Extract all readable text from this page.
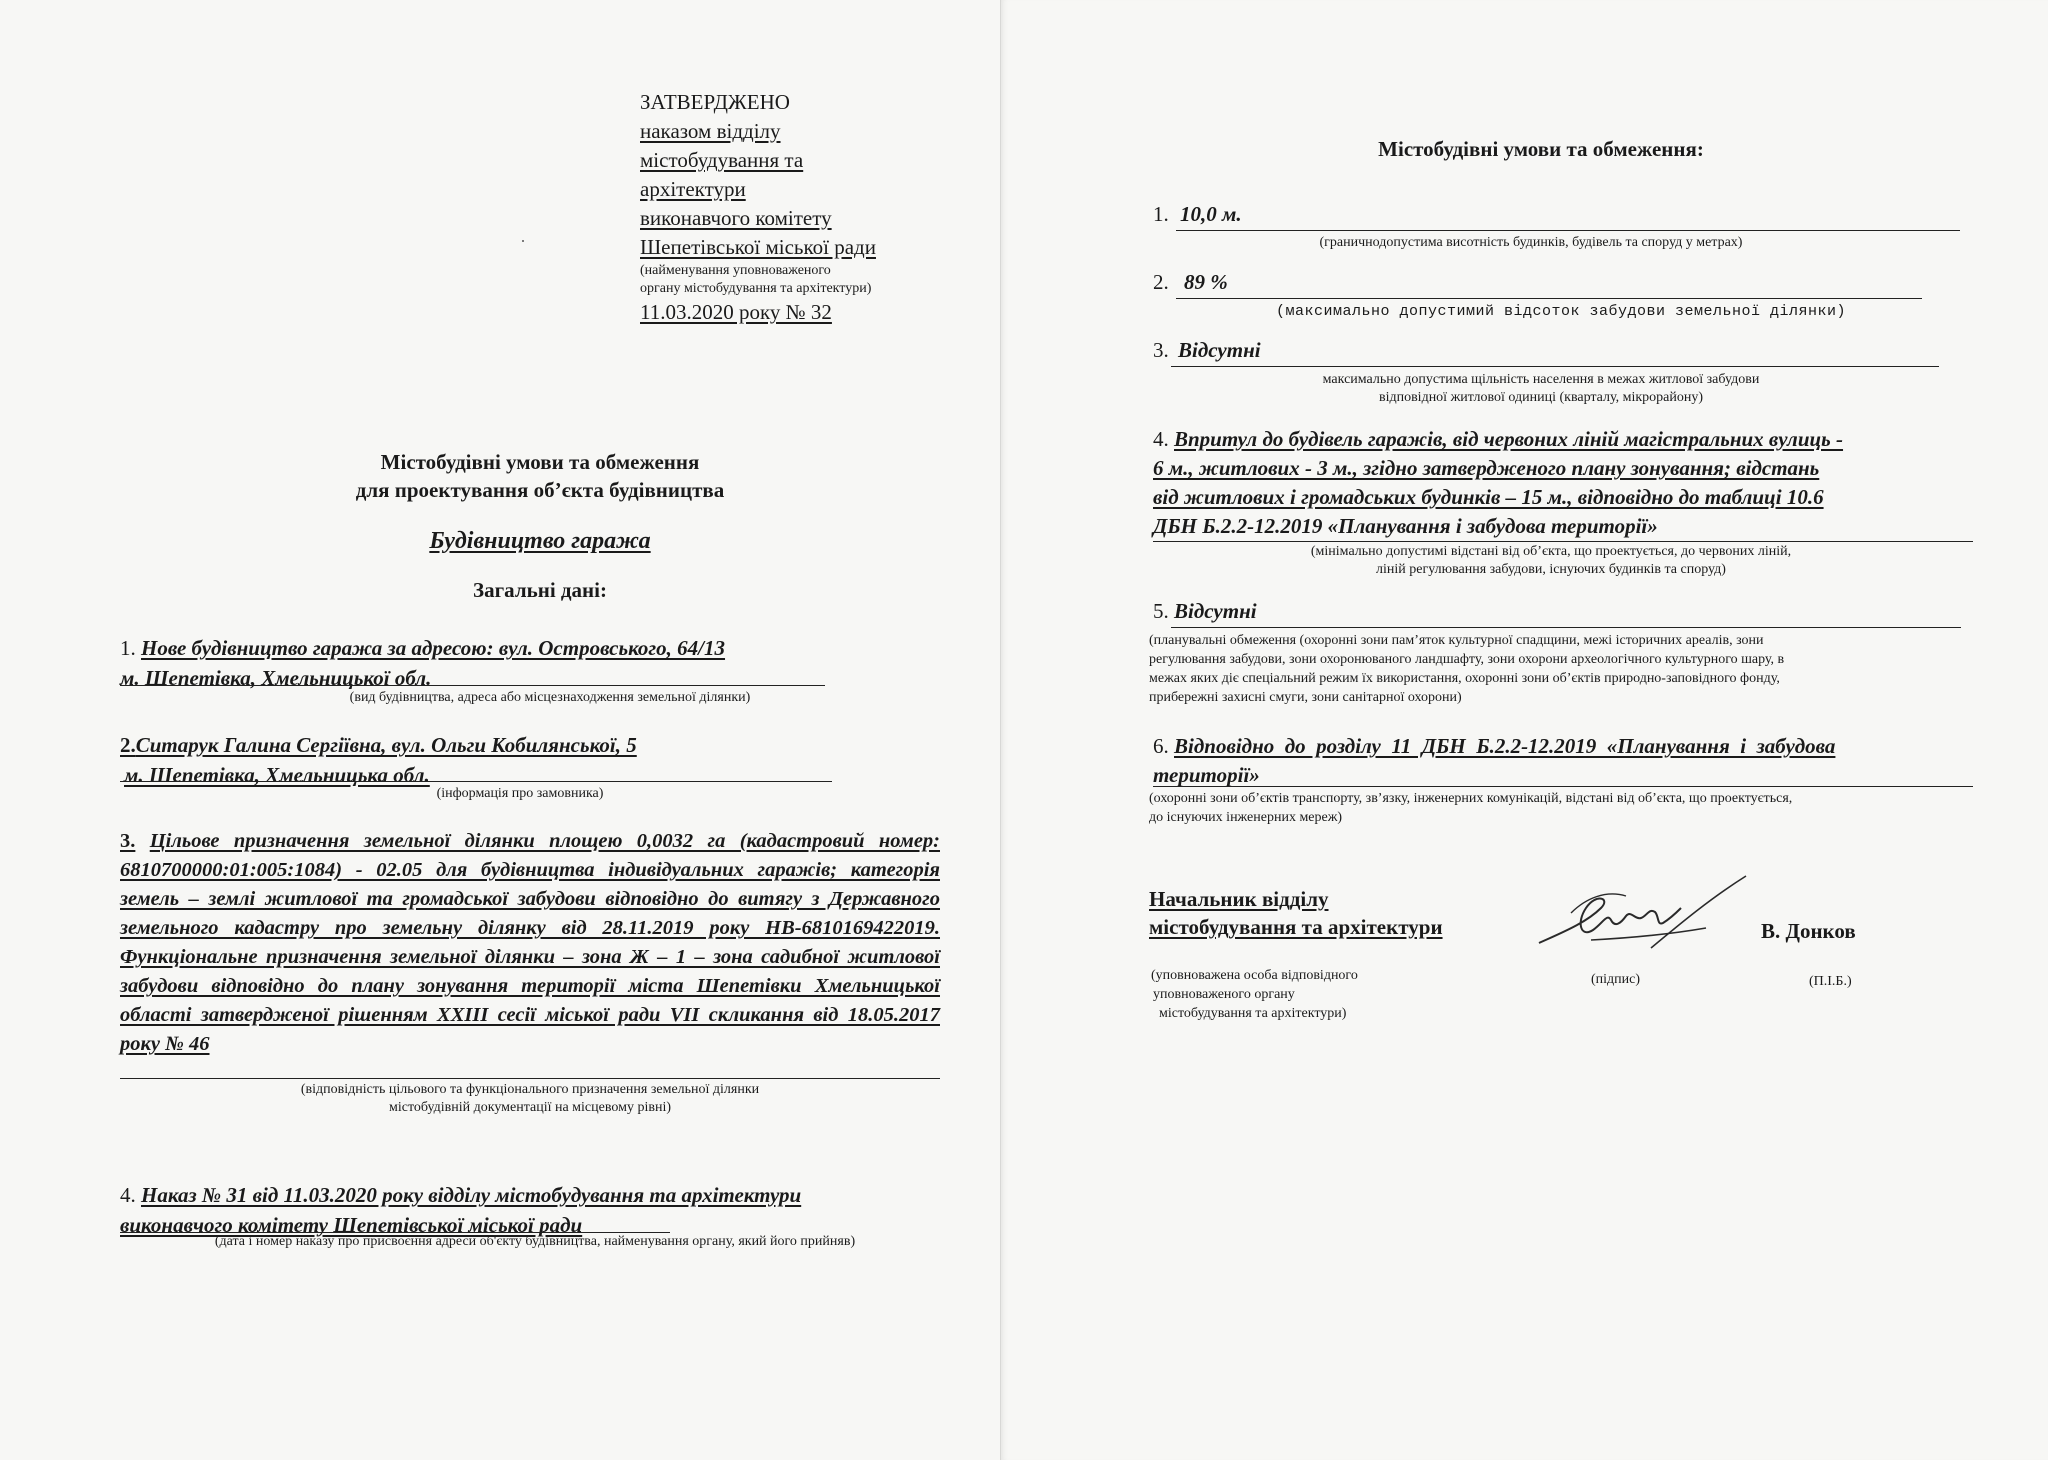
ЗАТВЕРДЖЕНО
наказом відділу
містобудування та
архітектури
виконавчого комітету
Шепетівської міської ради
(найменування уповноваженого
органу містобудування та архітектури)
11.03.2020 року № 32
Містобудівні умови та обмеження
для проектування об’єкта будівництва
Будівництво гаража
Загальні дані:
1. Нове будівництво гаража за адресою: вул. Островського, 64/13
м. Шепетівка, Хмельницької обл.
(вид будівництва, адреса або місцезнаходження земельної ділянки)
2.Ситарук Галина Сергіївна, вул. Ольги Кобилянської, 5
м. Шепетівка, Хмельницька обл.
(інформація про замовника)
3. Цільове призначення земельної ділянки площею 0,0032 га (кадастровий номер: 6810700000:01:005:1084) - 02.05 для будівництва індивідуальних гаражів; категорія земель – землі житлової та громадської забудови відповідно до витягу з Державного земельного кадастру про земельну ділянку від 28.11.2019 року НВ-6810169422019. Функціональне призначення земельної ділянки – зона Ж – 1 – зона садибної житлової забудови відповідно до плану зонування території міста Шепетівки Хмельницької області затвердженої рішенням XXIII сесії міської ради VII скликання від 18.05.2017 року № 46
(відповідність цільового та функціонального призначення земельної ділянки
містобудівній документації на місцевому рівні)
4. Наказ № 31 від 11.03.2020 року відділу містобудування та архітектури
виконавчого комітету Шепетівської міської ради
(дата і номер наказу про присвоєння адреси об'єкту будівництва, найменування органу, який його прийняв)
Містобудівні умови та обмеження:
1. 10,0 м.
(граничнодопустима висотність будинків, будівель та споруд у метрах)
2. 89 %
(максимально допустимий відсоток забудови земельної ділянки)
3. Відсутні
максимально допустима щільність населення в межах житлової забудови
відповідної житлової одиниці (кварталу, мікрорайону)
4. Впритул до будівель гаражів, від червоних ліній магістральних вулиць -
6 м., житлових - 3 м., згідно затвердженого плану зонування; відстань
від житлових і громадських будинків – 15 м., відповідно до таблиці 10.6
ДБН Б.2.2-12.2019 «Планування і забудова території»
(мінімально допустимі відстані від об’єкта, що проектується, до червоних ліній,
ліній регулювання забудови, існуючих будинків та споруд)
5. Відсутні
(планувальні обмеження (охоронні зони пам’яток культурної спадщини, межі історичних ареалів, зони
регулювання забудови, зони охоронюваного ландшафту, зони охорони археологічного культурного шару, в
межах яких діє спеціальний режим їх використання, охоронні зони об’єктів природно-заповідного фонду,
прибережні захисні смуги, зони санітарної охорони)
6. Відповідно  до  розділу  11  ДБН  Б.2.2-12.2019  «Планування  і  забудова
території»
(охоронні зони об’єктів транспорту, зв’язку, інженерних комунікацій, відстані від об’єкта, що проектується,
до існуючих інженерних мереж)
Начальник відділу
містобудування та архітектури	В. Донков
(уповноважена особа відповідного
уповноваженого органу
містобудування та архітектури)
(підпис)	(П.І.Б.)
